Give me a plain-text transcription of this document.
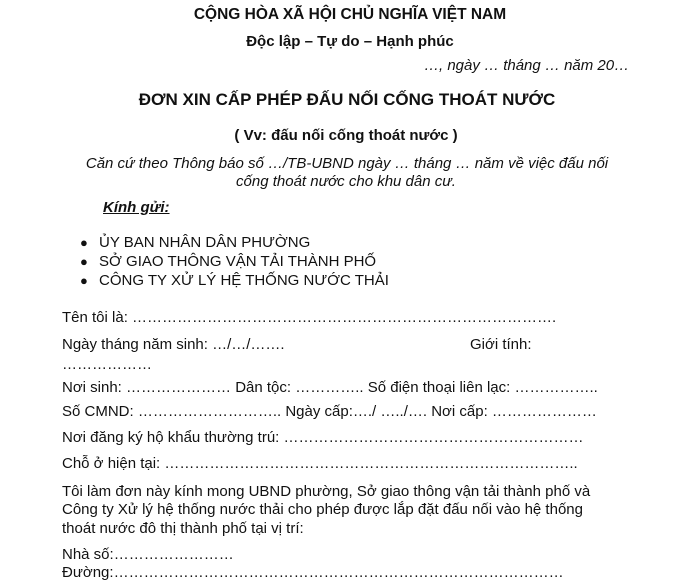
CỘNG HÒA XÃ HỘI CHỦ NGHĨA VIỆT NAM
Độc lập – Tự do – Hạnh phúc
…, ngày … tháng … năm 20…
ĐƠN XIN CẤP PHÉP ĐẤU NỐI CỐNG THOÁT NƯỚC
( Vv: đấu nối cống thoát nước )
Căn cứ theo Thông báo số …/TB-UBND ngày … tháng … năm về việc đấu nối
cống thoát nước cho khu dân cư.
Kính gửi:
● ỦY BAN NHÂN DÂN PHƯỜNG
● SỞ GIAO THÔNG VẬN TẢI THÀNH PHỐ
● CÔNG TY XỬ LÝ HỆ THỐNG NƯỚC THẢI
Tên tôi là: ………………………………………………………………………….
Ngày tháng năm sinh: …/…/…….	Giới tính:
………………
Nơi sinh: ………………… Dân tộc: ………….. Số điện thoại liên lạc: ……………..
Số CMND: ……………………….. Ngày cấp:…./ …../…. Nơi cấp: …………………
Nơi đăng ký hộ khẩu thường trú: ……………………………………………………
Chỗ ở hiện tại: ………………………………………………………………………..
Tôi làm đơn này kính mong UBND phường, Sở giao thông vận tải thành phố và
Công ty Xử lý hệ thống nước thải cho phép được lắp đặt đấu nối vào hệ thống
thoát nước đô thị thành phố tại vị trí:
Nhà số:……………………
Đường:………………………………………………………………………………
